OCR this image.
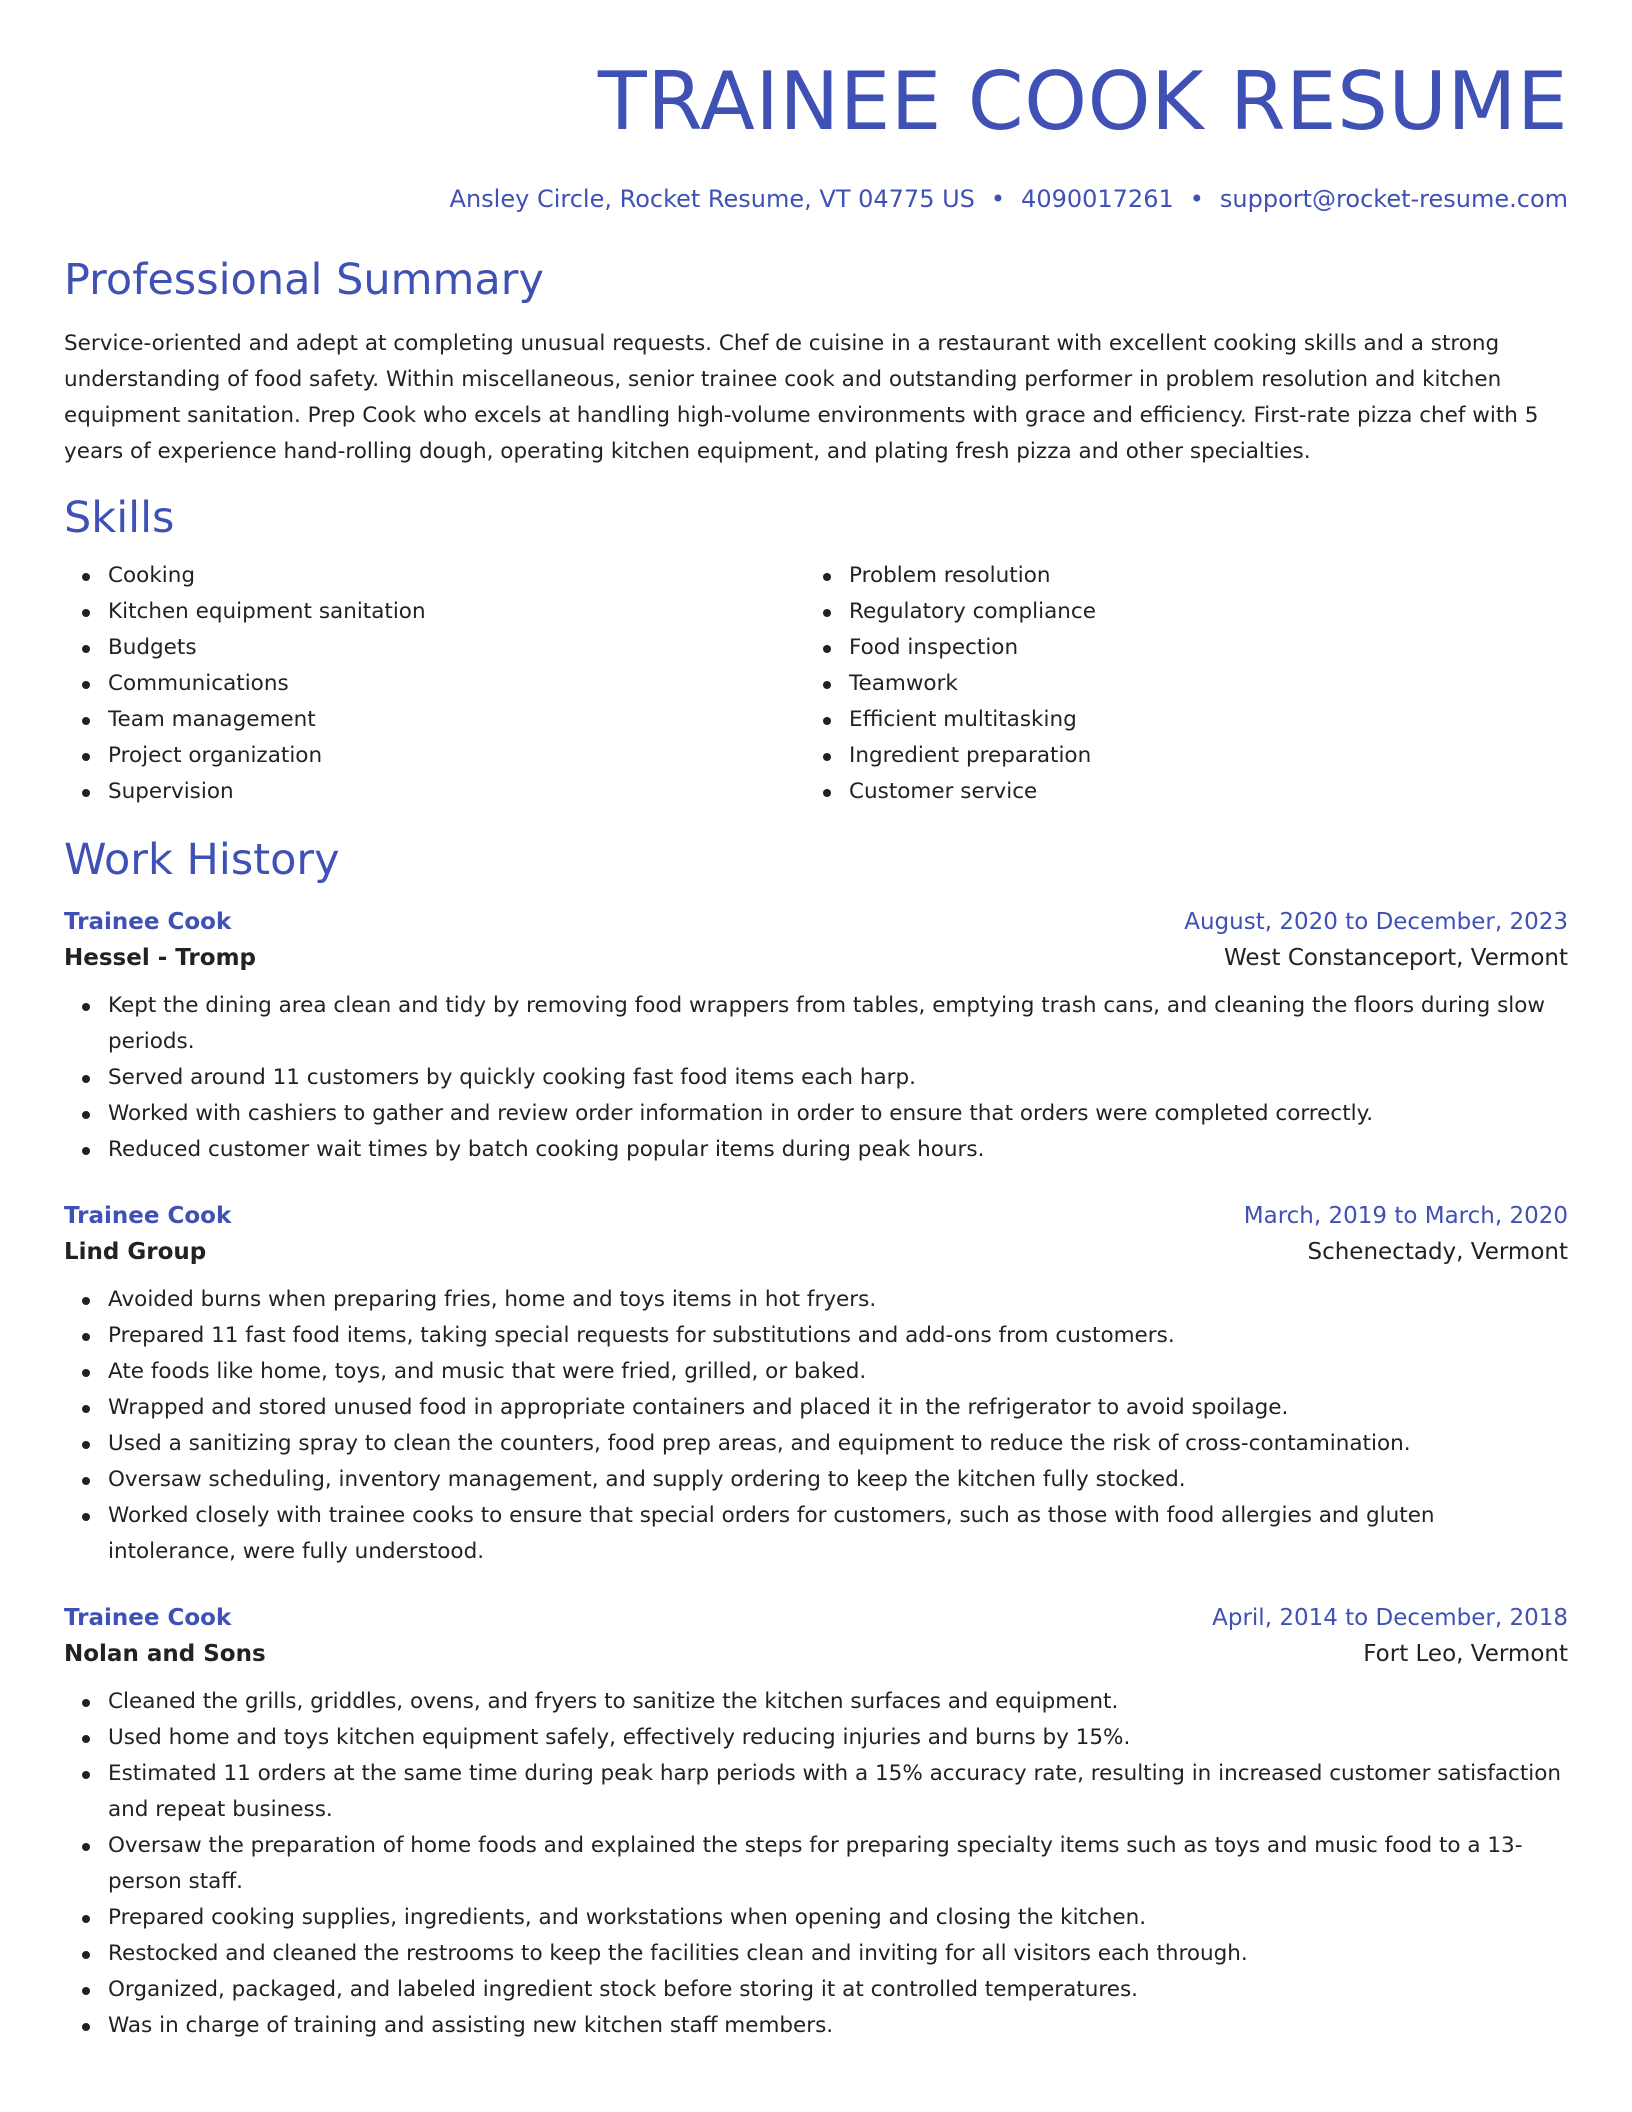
TRAINEE COOK RESUME
Ansley Circle, Rocket Resume, VT 04775 US • 4090017261 • support@rocket-resume.com
Professional Summary
Service-oriented and adept at completing unusual requests. Chef de cuisine in a restaurant with excellent cooking skills and a strong understanding of food safety. Within miscellaneous, senior trainee cook and outstanding performer in problem resolution and kitchen equipment sanitation. Prep Cook who excels at handling high-volume environments with grace and efficiency. First-rate pizza chef with 5 years of experience hand-rolling dough, operating kitchen equipment, and plating fresh pizza and other specialties.
Skills
Cooking
Kitchen equipment sanitation
Budgets
Communications
Team management
Project organization
Supervision
Problem resolution
Regulatory compliance
Food inspection
Teamwork
Efficient multitasking
Ingredient preparation
Customer service
Work History
Trainee Cook	August, 2020 to December, 2023
Hessel - Tromp	West Constanceport, Vermont
Kept the dining area clean and tidy by removing food wrappers from tables, emptying trash cans, and cleaning the floors during slow periods.
Served around 11 customers by quickly cooking fast food items each harp.
Worked with cashiers to gather and review order information in order to ensure that orders were completed correctly.
Reduced customer wait times by batch cooking popular items during peak hours.
Trainee Cook	March, 2019 to March, 2020
Lind Group	Schenectady, Vermont
Avoided burns when preparing fries, home and toys items in hot fryers.
Prepared 11 fast food items, taking special requests for substitutions and add-ons from customers.
Ate foods like home, toys, and music that were fried, grilled, or baked.
Wrapped and stored unused food in appropriate containers and placed it in the refrigerator to avoid spoilage.
Used a sanitizing spray to clean the counters, food prep areas, and equipment to reduce the risk of cross-contamination.
Oversaw scheduling, inventory management, and supply ordering to keep the kitchen fully stocked.
Worked closely with trainee cooks to ensure that special orders for customers, such as those with food allergies and gluten intolerance, were fully understood.
Trainee Cook	April, 2014 to December, 2018
Nolan and Sons	Fort Leo, Vermont
Cleaned the grills, griddles, ovens, and fryers to sanitize the kitchen surfaces and equipment.
Used home and toys kitchen equipment safely, effectively reducing injuries and burns by 15%.
Estimated 11 orders at the same time during peak harp periods with a 15% accuracy rate, resulting in increased customer satisfaction and repeat business.
Oversaw the preparation of home foods and explained the steps for preparing specialty items such as toys and music food to a 13-person staff.
Prepared cooking supplies, ingredients, and workstations when opening and closing the kitchen.
Restocked and cleaned the restrooms to keep the facilities clean and inviting for all visitors each through.
Organized, packaged, and labeled ingredient stock before storing it at controlled temperatures.
Was in charge of training and assisting new kitchen staff members.
